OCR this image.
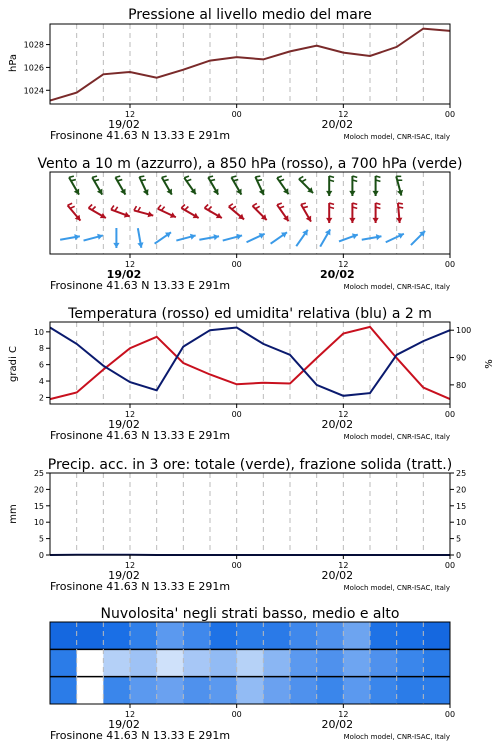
Pressione al livello medio del mare
hPa
1024
1026
1028
12	00	12	00
19/02	20/02
Frosinone 41.63 N 13.33 E 291m	Moloch model, CNR-ISAC, Italy
Vento a 10 m (azzurro), a 850 hPa (rosso), a 700 hPa (verde)
12	00	12	00
19/02	20/02
Frosinone 41.63 N 13.33 E 291m	Moloch model, CNR-ISAC, Italy
Temperatura (rosso) ed umidita' relativa (blu) a 2 m
gradi C	%
2
4
6
8
10
80
90
100
12	00	12	00
19/02	20/02
Frosinone 41.63 N 13.33 E 291m	Moloch model, CNR-ISAC, Italy
Precip. acc. in 3 ore: totale (verde), frazione solida (tratt.)
mm
0
5
10
15
20
25
0
5
10
15
20
25
12	00	12	00
19/02	20/02
Frosinone 41.63 N 13.33 E 291m	Moloch model, CNR-ISAC, Italy
Nuvolosita' negli strati basso, medio e alto
12	00	12	00
19/02	20/02
Frosinone 41.63 N 13.33 E 291m	Moloch model, CNR-ISAC, Italy
